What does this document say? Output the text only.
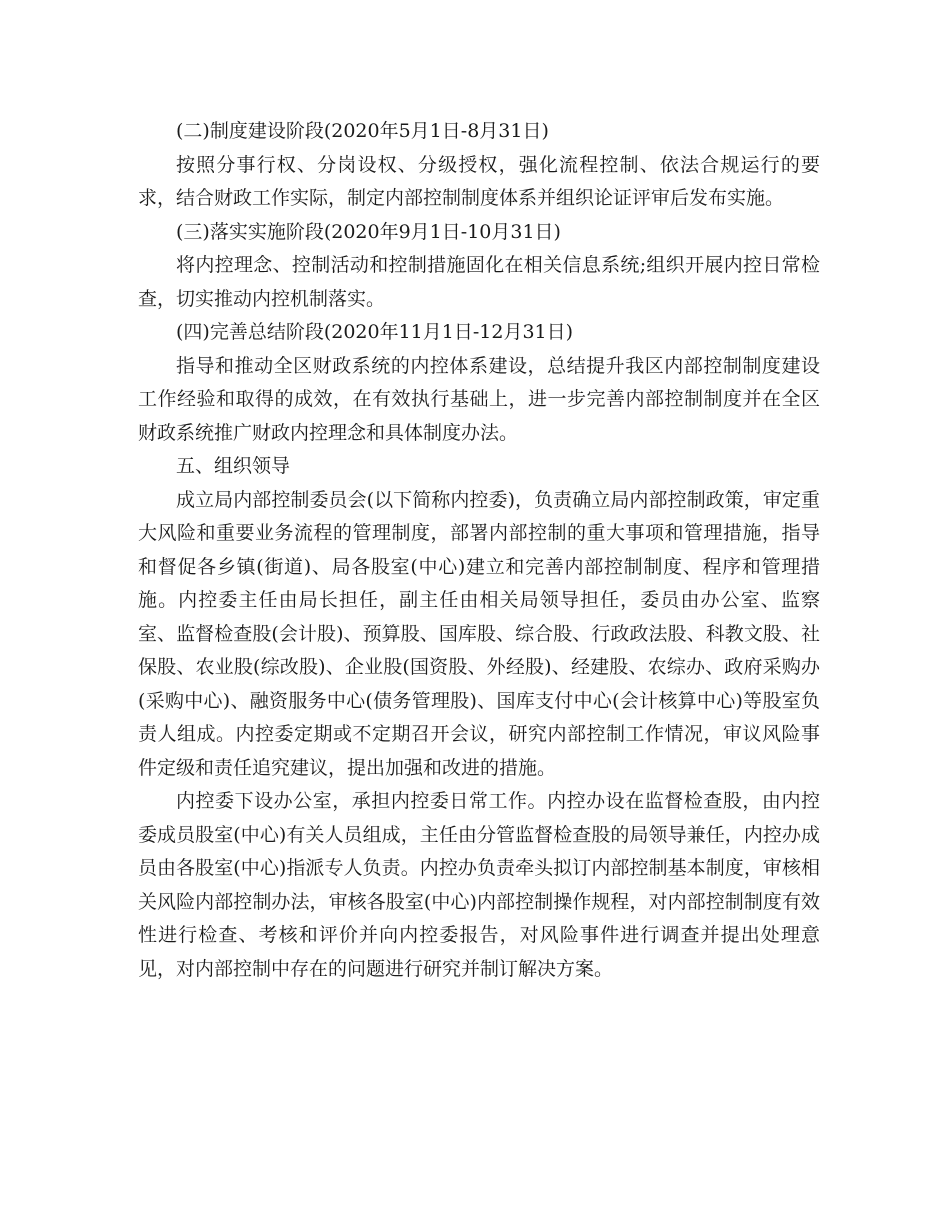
(二)制度建设阶段(2020年5月1日-8月31日)

按照分事行权、分岗设权、分级授权，强化流程控制、依法合规运行的要求，结合财政工作实际，制定内部控制制度体系并组织论证评审后发布实施。

(三)落实实施阶段(2020年9月1日-10月31日)

将内控理念、控制活动和控制措施固化在相关信息系统;组织开展内控日常检查，切实推动内控机制落实。

(四)完善总结阶段(2020年11月1日-12月31日)

指导和推动全区财政系统的内控体系建设，总结提升我区内部控制制度建设工作经验和取得的成效，在有效执行基础上，进一步完善内部控制制度并在全区财政系统推广财政内控理念和具体制度办法。

五、组织领导

成立局内部控制委员会(以下简称内控委)，负责确立局内部控制政策，审定重大风险和重要业务流程的管理制度，部署内部控制的重大事项和管理措施，指导和督促各乡镇(街道)、局各股室(中心)建立和完善内部控制制度、程序和管理措施。内控委主任由局长担任，副主任由相关局领导担任，委员由办公室、监察室、监督检查股(会计股)、预算股、国库股、综合股、行政政法股、科教文股、社保股、农业股(综改股)、企业股(国资股、外经股)、经建股、农综办、政府采购办(采购中心)、融资服务中心(债务管理股)、国库支付中心(会计核算中心)等股室负责人组成。内控委定期或不定期召开会议，研究内部控制工作情况，审议风险事件定级和责任追究建议，提出加强和改进的措施。

内控委下设办公室，承担内控委日常工作。内控办设在监督检查股，由内控委成员股室(中心)有关人员组成，主任由分管监督检查股的局领导兼任，内控办成员由各股室(中心)指派专人负责。内控办负责牵头拟订内部控制基本制度，审核相关风险内部控制办法，审核各股室(中心)内部控制操作规程，对内部控制制度有效性进行检查、考核和评价并向内控委报告，对风险事件进行调查并提出处理意见，对内部控制中存在的问题进行研究并制订解决方案。
